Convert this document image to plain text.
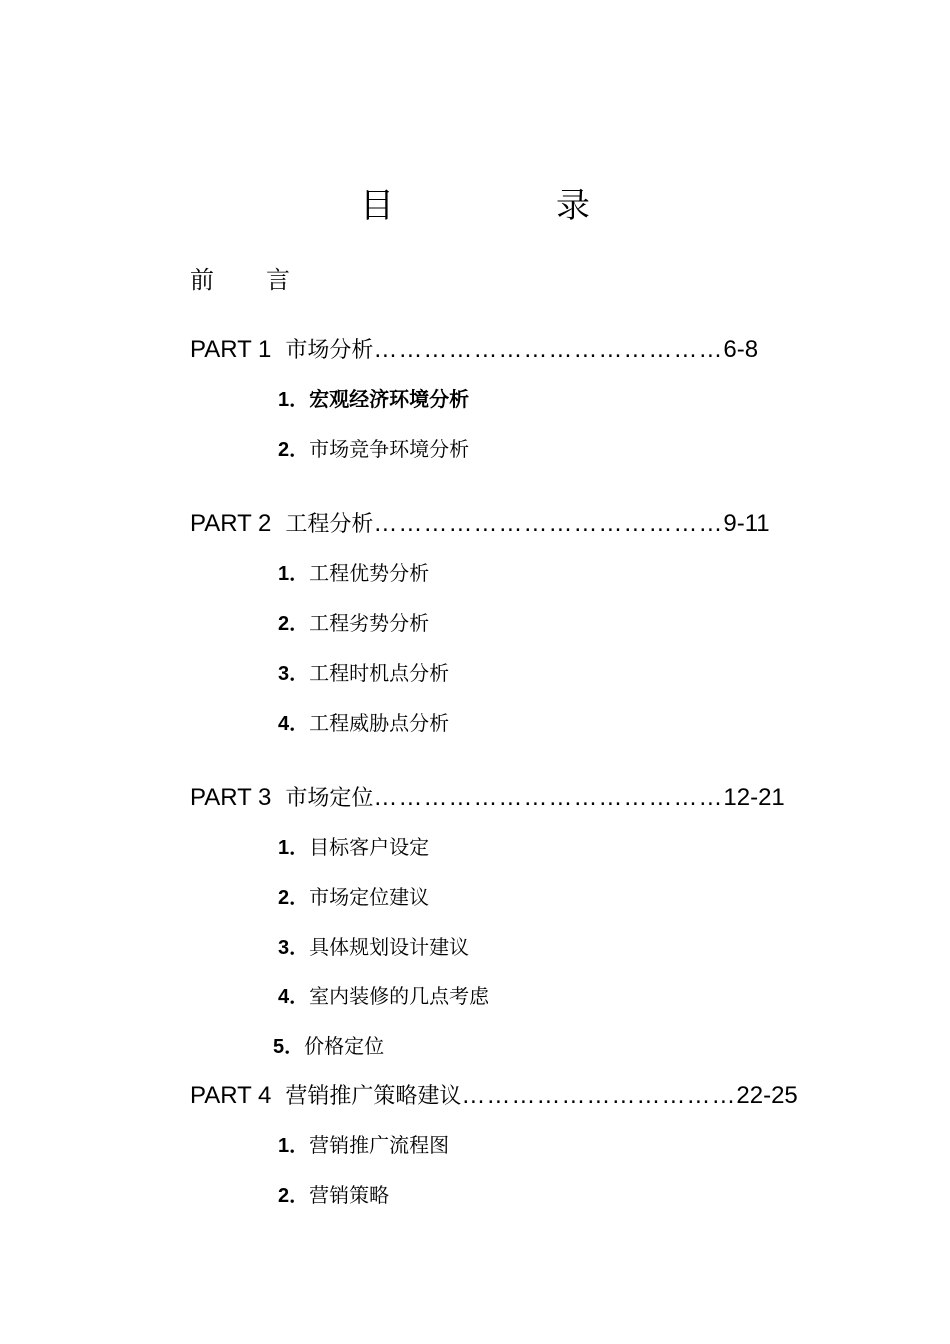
目　录
前言
PART 1 市场分析……………………………………6-8
1．宏观经济环境分析
2．市场竞争环境分析
PART 2 工程分析……………………………………9-11
1．工程优势分析
2．工程劣势分析
3．工程时机点分析
4．工程威胁点分析
PART 3 市场定位……………………………………12-21
1．目标客户设定
2．市场定位建议
3．具体规划设计建议
4．室内装修的几点考虑
5．价格定位
PART 4 营销推广策略建议……………………………22-25
1．营销推广流程图
2．营销策略
